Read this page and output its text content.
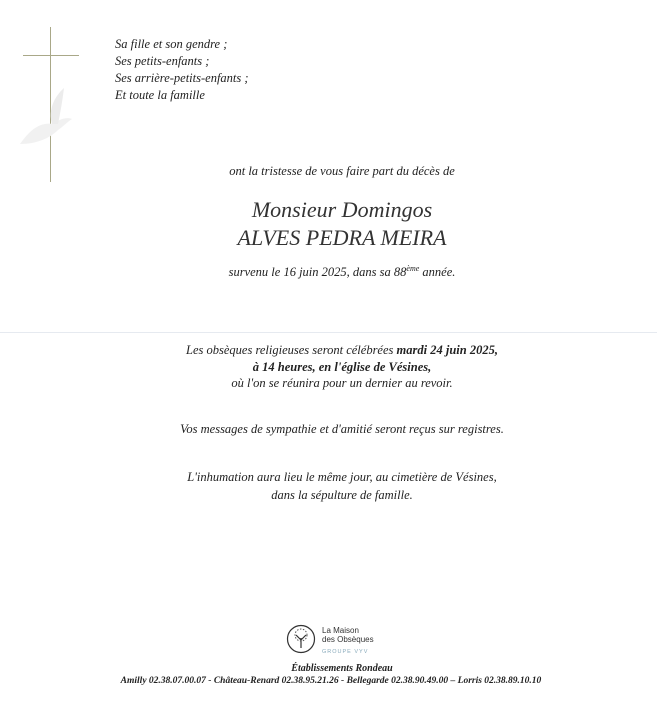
Sa fille et son gendre ;
Ses petits-enfants ;
Ses arrière-petits-enfants ;
Et toute la famille
ont la tristesse de vous faire part du décès de
Monsieur Domingos
ALVES PEDRA MEIRA
survenu le 16 juin 2025, dans sa 88ème année.
Les obsèques religieuses seront célébrées mardi 24 juin 2025,
à 14 heures, en l'église de Vésines,
où l'on se réunira pour un dernier au revoir.
Vos messages de sympathie et d'amitié seront reçus sur registres.
L'inhumation aura lieu le même jour, au cimetière de Vésines,
dans la sépulture de famille.
La Maison
des Obsèques
GROUPE VYV
Établissements Rondeau
Amilly 02.38.07.00.07 - Château-Renard 02.38.95.21.26 - Bellegarde 02.38.90.49.00 – Lorris 02.38.89.10.10
